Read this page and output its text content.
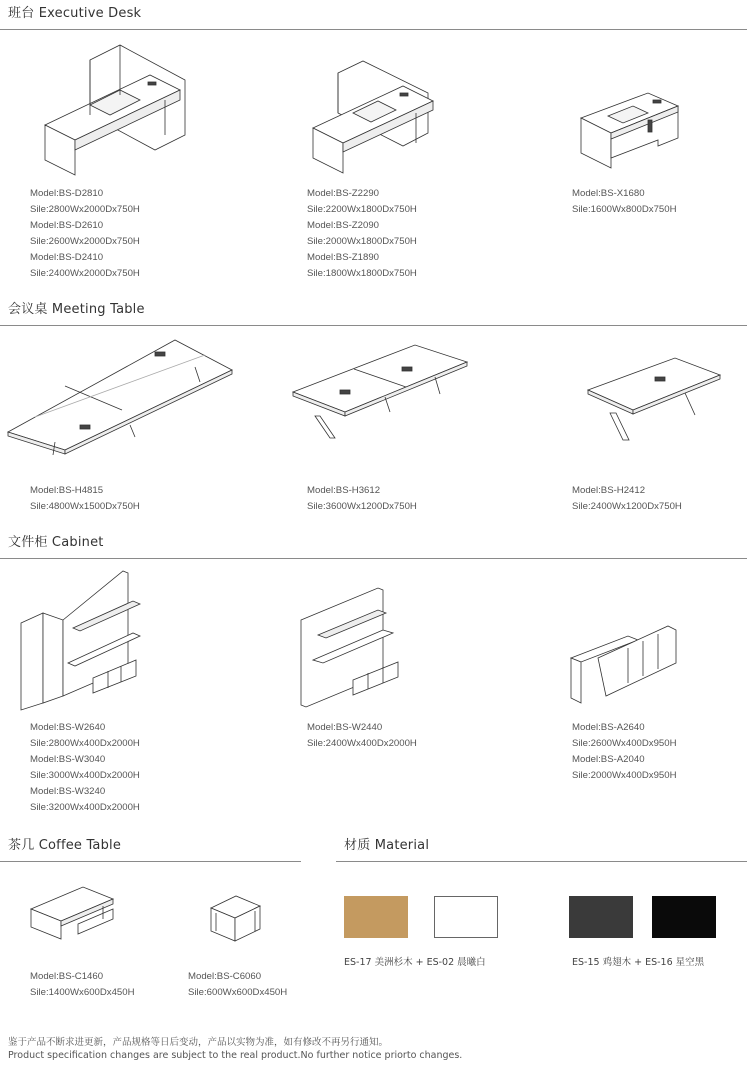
班台 Executive Desk
Model:BS-D2810
Sile:2800Wx2000Dx750H
Model:BS-D2610
Sile:2600Wx2000Dx750H
Model:BS-D2410
Sile:2400Wx2000Dx750H
Model:BS-Z2290
Sile:2200Wx1800Dx750H
Model:BS-Z2090
Sile:2000Wx1800Dx750H
Model:BS-Z1890
Sile:1800Wx1800Dx750H
Model:BS-X1680
Sile:1600Wx800Dx750H
会议桌 Meeting Table
Model:BS-H4815
Sile:4800Wx1500Dx750H
Model:BS-H3612
Sile:3600Wx1200Dx750H
Model:BS-H2412
Sile:2400Wx1200Dx750H
文件柜 Cabinet
Model:BS-W2640
Sile:2800Wx400Dx2000H
Model:BS-W3040
Sile:3000Wx400Dx2000H
Model:BS-W3240
Sile:3200Wx400Dx2000H
Model:BS-W2440
Sile:2400Wx400Dx2000H
Model:BS-A2640
Sile:2600Wx400Dx950H
Model:BS-A2040
Sile:2000Wx400Dx950H
茶几 Coffee Table
Model:BS-C1460
Sile:1400Wx600Dx450H
Model:BS-C6060
Sile:600Wx600Dx450H
材质 Material
ES-17 美洲杉木 + ES-02 晨曦白	ES-15 鸡翅木 + ES-16 星空黑
鉴于产品不断求进更新，产品规格等日后变动，产品以实物为准，如有修改不再另行通知。
Product specification changes are subject to the real product.No further notice priorto changes.
